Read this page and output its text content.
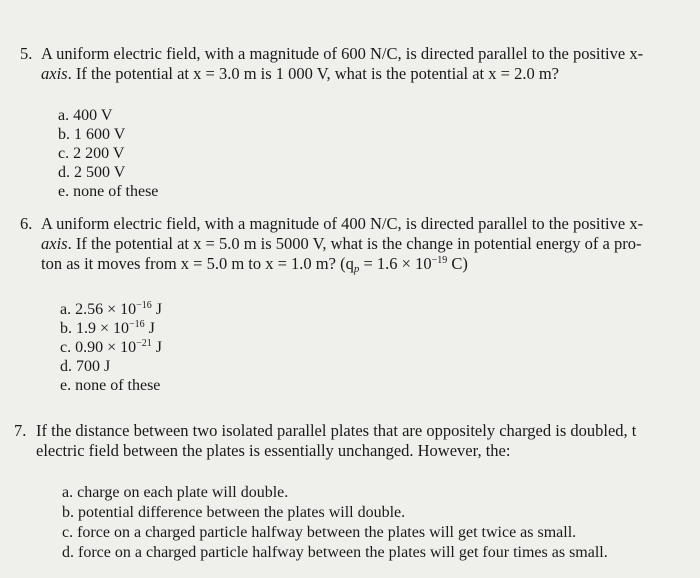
5. A uniform electric field, with a magnitude of 600 N/C, is directed parallel to the positive x-
axis. If the potential at x = 3.0 m is 1 000 V, what is the potential at x = 2.0 m?
a. 400 V
b. 1 600 V
c. 2 200 V
d. 2 500 V
e. none of these
6. A uniform electric field, with a magnitude of 400 N/C, is directed parallel to the positive x-
axis. If the potential at x = 5.0 m is 5000 V, what is the change in potential energy of a pro-
ton as it moves from x = 5.0 m to x = 1.0 m? ($q_p = 1.6 \times 10^{-19}$ C)
a. $2.56 \times 10^{-16}$ J
b. $1.9 \times 10^{-16}$ J
c. $0.90 \times 10^{-21}$ J
d. 700 J
e. none of these
7. If the distance between two isolated parallel plates that are oppositely charged is doubled, t
electric field between the plates is essentially unchanged. However, the:
a. charge on each plate will double.
b. potential difference between the plates will double.
c. force on a charged particle halfway between the plates will get twice as small.
d. force on a charged particle halfway between the plates will get four times as small.
